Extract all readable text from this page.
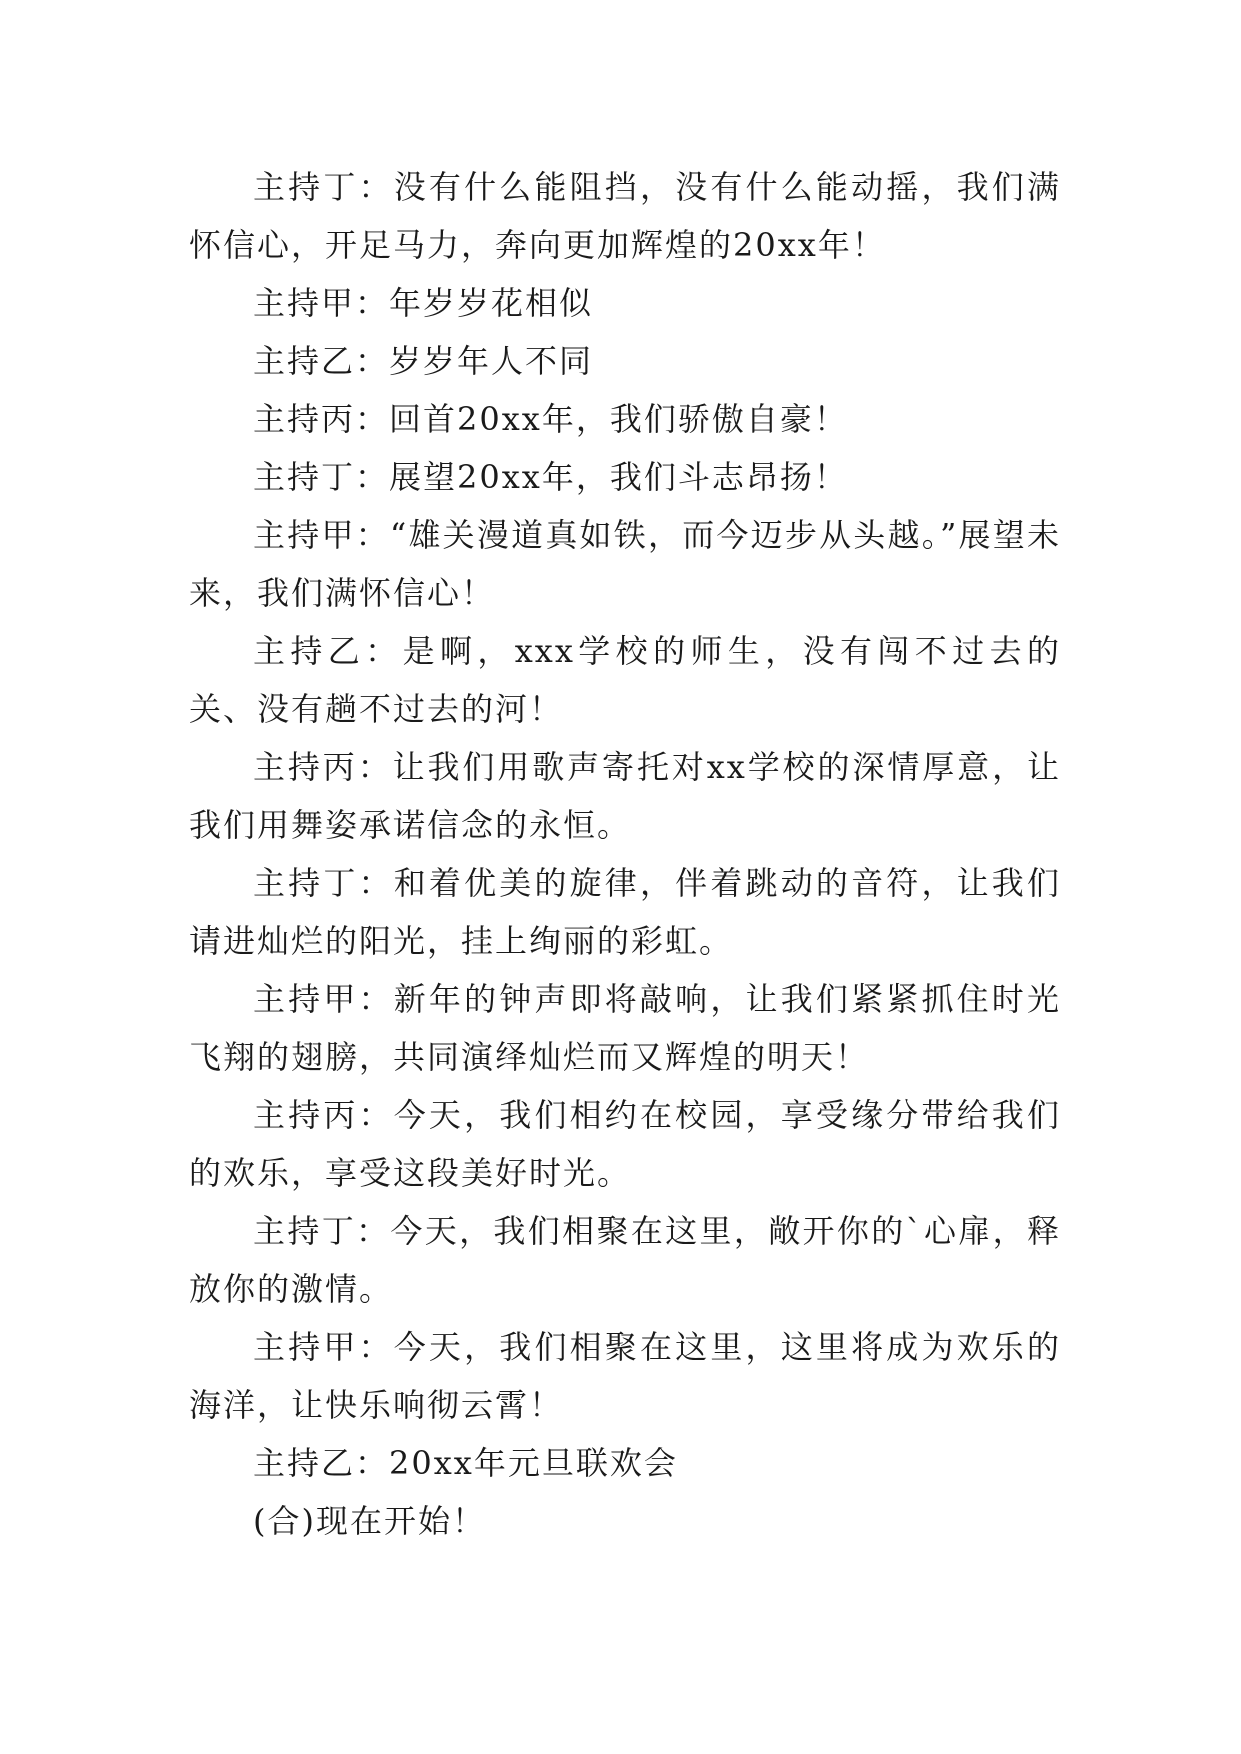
主持丁：没有什么能阻挡，没有什么能动摇，我们满怀信心，开足马力，奔向更加辉煌的20xx年！

主持甲：年岁岁花相似

主持乙：岁岁年人不同

主持丙：回首20xx年，我们骄傲自豪！

主持丁：展望20xx年，我们斗志昂扬！

主持甲：“雄关漫道真如铁，而今迈步从头越。”展望未来，我们满怀信心！

主持乙：是啊，xxx学校的师生，没有闯不过去的关、没有趟不过去的河！

主持丙：让我们用歌声寄托对xx学校的深情厚意，让我们用舞姿承诺信念的永恒。

主持丁：和着优美的旋律，伴着跳动的音符，让我们请进灿烂的阳光，挂上绚丽的彩虹。

主持甲：新年的钟声即将敲响，让我们紧紧抓住时光飞翔的翅膀，共同演绎灿烂而又辉煌的明天！

主持丙：今天，我们相约在校园，享受缘分带给我们的欢乐，享受这段美好时光。

主持丁：今天，我们相聚在这里，敞开你的`心扉，释放你的激情。

主持甲：今天，我们相聚在这里，这里将成为欢乐的海洋，让快乐响彻云霄！

主持乙：20xx年元旦联欢会

(合)现在开始！
